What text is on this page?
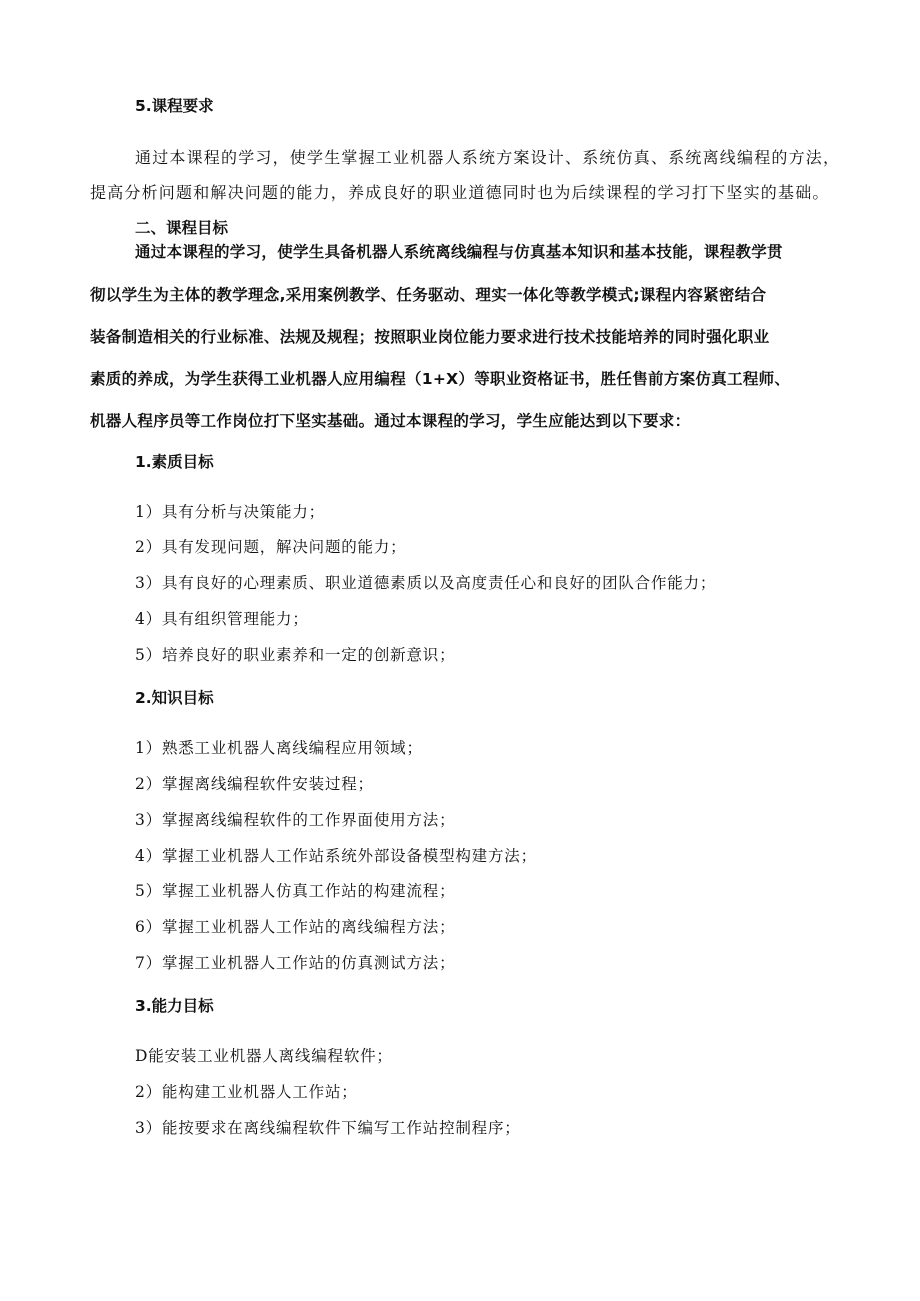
5.课程要求
通过本课程的学习，使学生掌握工业机器人系统方案设计、系统仿真、系统离线编程的方法，
提高分析问题和解决问题的能力，养成良好的职业道德同时也为后续课程的学习打下坚实的基础。
二、课程目标
通过本课程的学习，使学生具备机器人系统离线编程与仿真基本知识和基本技能，课程教学贯
彻以学生为主体的教学理念,采用案例教学、任务驱动、理实一体化等教学模式;课程内容紧密结合
装备制造相关的行业标准、法规及规程；按照职业岗位能力要求进行技术技能培养的同时强化职业
素质的养成，为学生获得工业机器人应用编程（1+X）等职业资格证书，胜任售前方案仿真工程师、
机器人程序员等工作岗位打下坚实基础。通过本课程的学习，学生应能达到以下要求：
1.素质目标
1）具有分析与决策能力；
2）具有发现问题，解决问题的能力；
3）具有良好的心理素质、职业道德素质以及高度责任心和良好的团队合作能力；
4）具有组织管理能力；
5）培养良好的职业素养和一定的创新意识；
2.知识目标
1）熟悉工业机器人离线编程应用领域；
2）掌握离线编程软件安装过程；
3）掌握离线编程软件的工作界面使用方法；
4）掌握工业机器人工作站系统外部设备模型构建方法；
5）掌握工业机器人仿真工作站的构建流程；
6）掌握工业机器人工作站的离线编程方法；
7）掌握工业机器人工作站的仿真测试方法；
3.能力目标
D能安装工业机器人离线编程软件；
2）能构建工业机器人工作站；
3）能按要求在离线编程软件下编写工作站控制程序；
